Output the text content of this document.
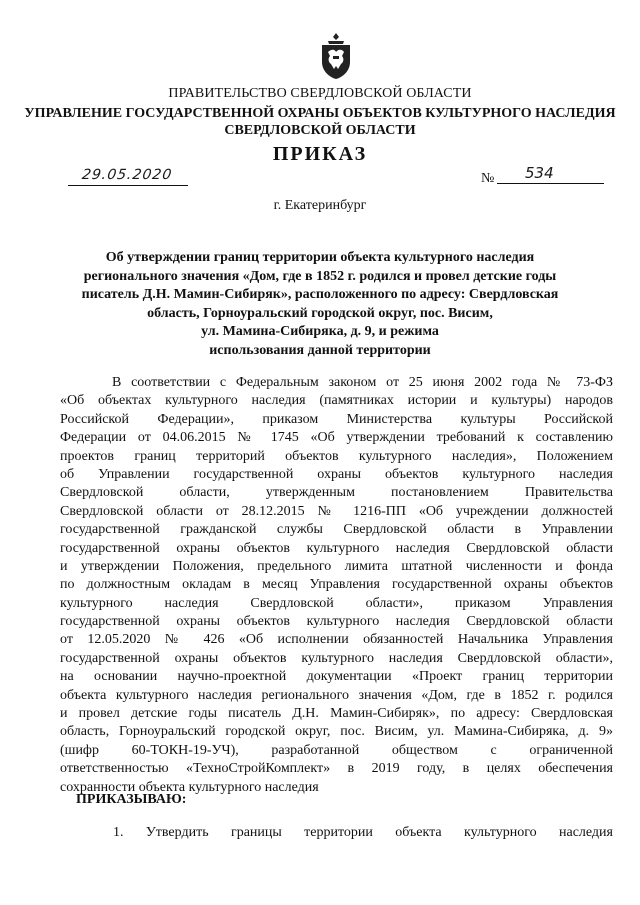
ПРАВИТЕЛЬСТВО СВЕРДЛОВСКОЙ ОБЛАСТИ
УПРАВЛЕНИЕ ГОСУДАРСТВЕННОЙ ОХРАНЫ ОБЪЕКТОВ КУЛЬТУРНОГО НАСЛЕДИЯ
СВЕРДЛОВСКОЙ ОБЛАСТИ
ПРИКАЗ
29.05.2020	№ 534
г. Екатеринбург
Об утверждении границ территории объекта культурного наследия
регионального значения «Дом, где в 1852 г. родился и провел детские годы
писатель Д.Н. Мамин-Сибиряк», расположенного по адресу: Свердловская
область, Горноуральский городской округ, пос. Висим,
ул. Мамина-Сибиряка, д. 9, и режима
использования данной территории
В соответствии с Федеральным законом от 25 июня 2002 года № 73-ФЗ
«Об объектах культурного наследия (памятниках истории и культуры) народов
Российской Федерации», приказом Министерства культуры Российской
Федерации от 04.06.2015 № 1745 «Об утверждении требований к составлению
проектов границ территорий объектов культурного наследия», Положением
об Управлении государственной охраны объектов культурного наследия
Свердловской области, утвержденным постановлением Правительства
Свердловской области от 28.12.2015 № 1216-ПП «Об учреждении должностей
государственной гражданской службы Свердловской области в Управлении
государственной охраны объектов культурного наследия Свердловской области
и утверждении Положения, предельного лимита штатной численности и фонда
по должностным окладам в месяц Управления государственной охраны объектов
культурного наследия Свердловской области», приказом Управления
государственной охраны объектов культурного наследия Свердловской области
от 12.05.2020 № 426 «Об исполнении обязанностей Начальника Управления
государственной охраны объектов культурного наследия Свердловской области»,
на основании научно-проектной документации «Проект границ территории
объекта культурного наследия регионального значения «Дом, где в 1852 г. родился
и провел детские годы писатель Д.Н. Мамин-Сибиряк», по адресу: Свердловская
область, Горноуральский городской округ, пос. Висим, ул. Мамина-Сибиряка, д. 9»
(шифр 60-ТОКН-19-УЧ), разработанной обществом с ограниченной
ответственностью «ТехноСтройКомплект» в 2019 году, в целях обеспечения
сохранности объекта культурного наследия
ПРИКАЗЫВАЮ:
1. Утвердить границы территории объекта культурного наследия
